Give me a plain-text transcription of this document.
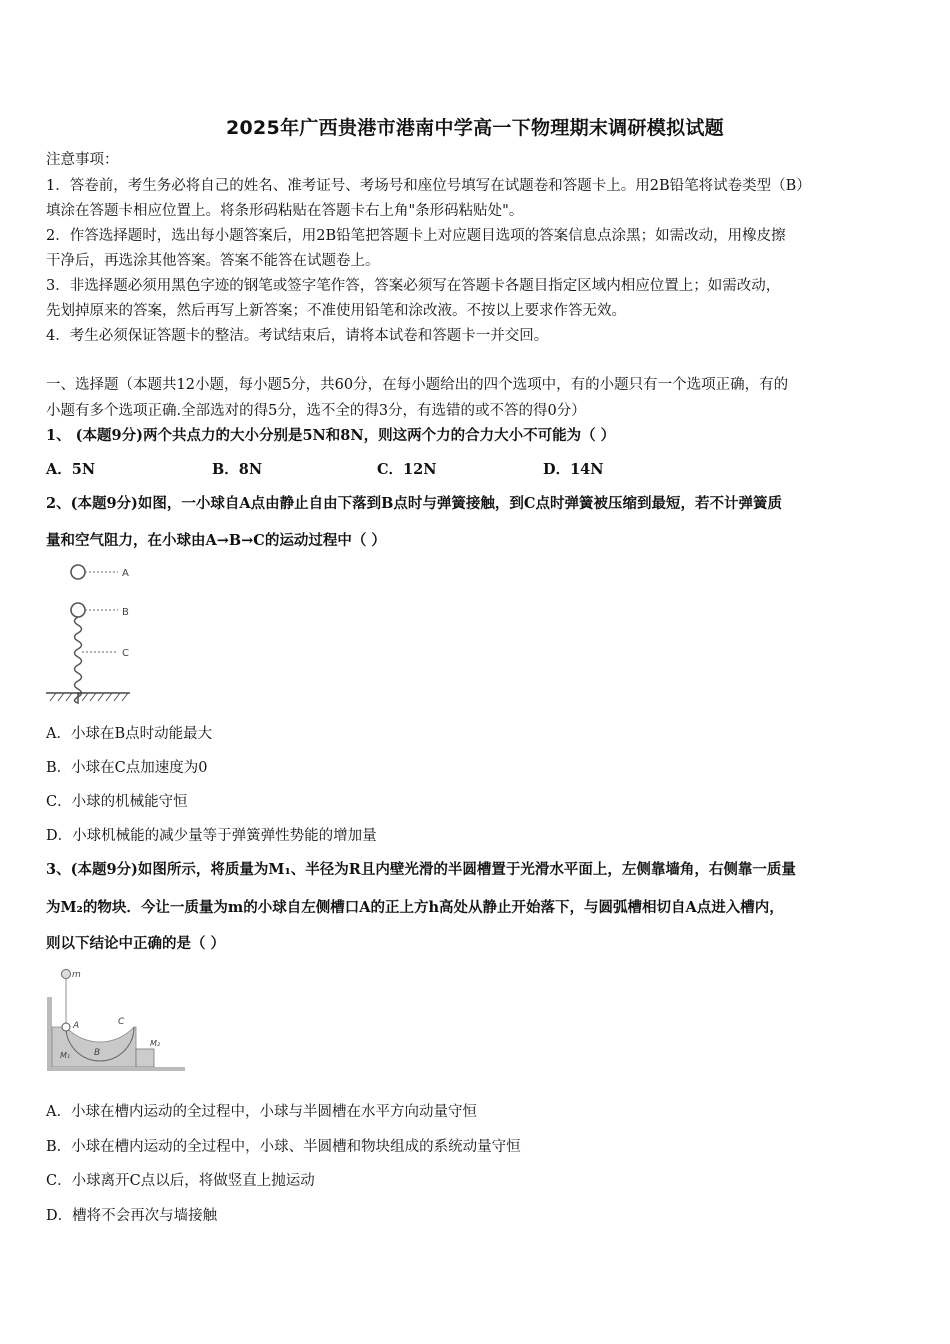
2025年广西贵港市港南中学高一下物理期末调研模拟试题
注意事项：
1．答卷前，考生务必将自己的姓名、准考证号、考场号和座位号填写在试题卷和答题卡上。用2B铅笔将试卷类型（B）
填涂在答题卡相应位置上。将条形码粘贴在答题卡右上角"条形码粘贴处"。
2．作答选择题时，选出每小题答案后，用2B铅笔把答题卡上对应题目选项的答案信息点涂黑；如需改动，用橡皮擦
干净后，再选涂其他答案。答案不能答在试题卷上。
3．非选择题必须用黑色字迹的钢笔或签字笔作答，答案必须写在答题卡各题目指定区域内相应位置上；如需改动，
先划掉原来的答案，然后再写上新答案；不准使用铅笔和涂改液。不按以上要求作答无效。
4．考生必须保证答题卡的整洁。考试结束后，请将本试卷和答题卡一并交回。
一、选择题（本题共12小题，每小题5分，共60分，在每小题给出的四个选项中，有的小题只有一个选项正确，有的
小题有多个选项正确.全部选对的得5分，选不全的得3分，有选错的或不答的得0分）
1、 (本题9分)两个共点力的大小分别是5N和8N，则这两个力的合力大小不可能为（ ）
A．5N	B．8N	C．12N	D．14N
2、(本题9分)如图，一小球自A点由静止自由下落到B点时与弹簧接触，到C点时弹簧被压缩到最短，若不计弹簧质
量和空气阻力，在小球由A→B→C的运动过程中（ ）
A
B
C
A．小球在B点时动能最大
B．小球在C点加速度为0
C．小球的机械能守恒
D．小球机械能的减少量等于弹簧弹性势能的增加量
3、(本题9分)如图所示，将质量为M₁、半径为R且内壁光滑的半圆槽置于光滑水平面上，左侧靠墙角，右侧靠一质量
为M₂的物块．今让一质量为m的小球自左侧槽口A的正上方h高处从静止开始落下，与圆弧槽相切自A点进入槽内，
则以下结论中正确的是（ ）
m
A	C
B
M₁
M₂
A．小球在槽内运动的全过程中，小球与半圆槽在水平方向动量守恒
B．小球在槽内运动的全过程中，小球、半圆槽和物块组成的系统动量守恒
C．小球离开C点以后，将做竖直上抛运动
D．槽将不会再次与墙接触
